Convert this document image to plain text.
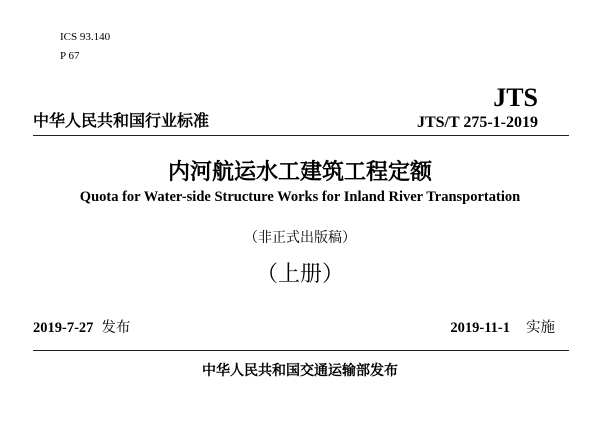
ICS 93.140
P 67
JTS
中华人民共和国行业标准	JTS/T 275-1-2019
内河航运水工建筑工程定额
Quota for Water-side Structure Works for Inland River Transportation
（非正式出版稿）
（上册）
2019-7-27 发布	2019-11-1 实施
中华人民共和国交通运输部发布
